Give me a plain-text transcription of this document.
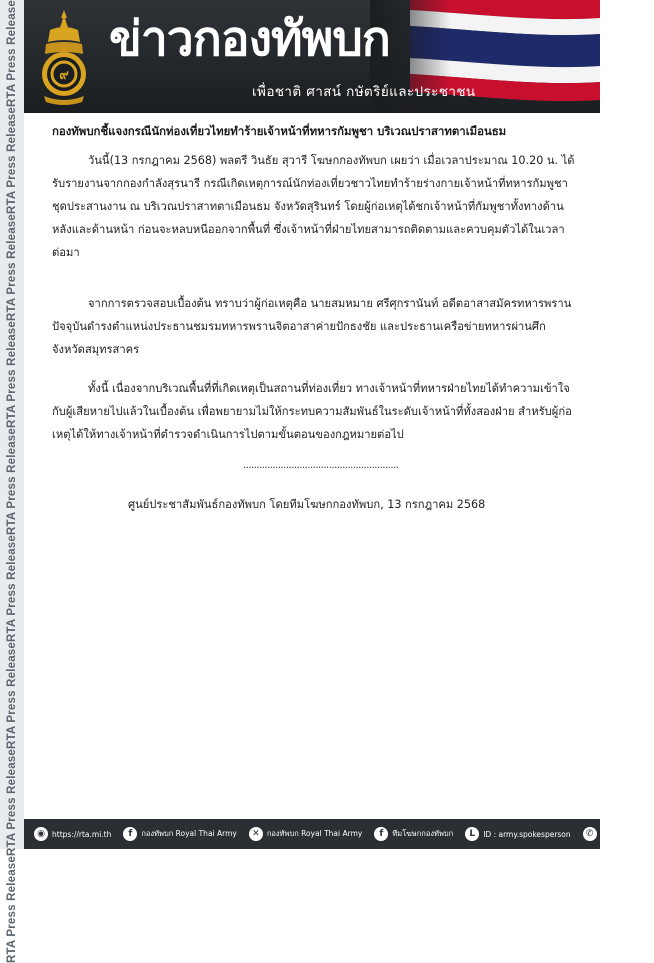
RTA Press Release
RTA Press Release
RTA Press Release
RTA Press Release
RTA Press Release
RTA Press Release
RTA Press Release
RTA Press Release
RTA Press Release
๙
ข่าวกองทัพบก
เพื่อชาติ ศาสน์ กษัตริย์และประชาชน
กองทัพบกชี้แจงกรณีนักท่องเที่ยวไทยทำร้ายเจ้าหน้าที่ทหารกัมพูชา บริเวณปราสาทตาเมือนธม

วันนี้(13 กรกฎาคม 2568) พลตรี วินธัย สุวารี โฆษกกองทัพบก เผยว่า เมื่อเวลาประมาณ 10.20 น. ได้รับรายงานจากกองกำลังสุรนารี กรณีเกิดเหตุการณ์นักท่องเที่ยวชาวไทยทำร้ายร่างกายเจ้าหน้าที่ทหารกัมพูชาชุดประสานงาน ณ บริเวณปราสาทตาเมือนธม จังหวัดสุรินทร์ โดยผู้ก่อเหตุได้ชกเจ้าหน้าที่กัมพูชาทั้งทางด้านหลังและด้านหน้า ก่อนจะหลบหนีออกจากพื้นที่ ซึ่งเจ้าหน้าที่ฝ่ายไทยสามารถติดตามและควบคุมตัวได้ในเวลาต่อมา

จากการตรวจสอบเบื้องต้น ทราบว่าผู้ก่อเหตุคือ นายสมหมาย ศรีศุกรานันท์ อดีตอาสาสมัครทหารพราน ปัจจุบันดำรงตำแหน่งประธานชมรมทหารพรานจิตอาสาค่ายปักธงชัย และประธานเครือข่ายทหารผ่านศึกจังหวัดสมุทรสาคร

ทั้งนี้ เนื่องจากบริเวณพื้นที่ที่เกิดเหตุเป็นสถานที่ท่องเที่ยว ทางเจ้าหน้าที่ทหารฝ่ายไทยได้ทำความเข้าใจกับผู้เสียหายไปแล้วในเบื้องต้น เพื่อพยายามไม่ให้กระทบความสัมพันธ์ในระดับเจ้าหน้าที่ทั้งสองฝ่าย สำหรับผู้ก่อเหตุได้ให้ทางเจ้าหน้าที่ตำรวจดำเนินการไปตามขั้นตอนของกฎหมายต่อไป

..........................................................
ศูนย์ประชาสัมพันธ์กองทัพบก โดยทีมโฆษกกองทัพบก, 13 กรกฎาคม 2568
◉ https://rta.mi.th	f	กองทัพบก Royal Thai Army	✕ กองทัพบก Royal Thai Army	f	ทีมโฆษกกองทัพบก	L	ID : army.spokesperson	✆ 084-986-5379
